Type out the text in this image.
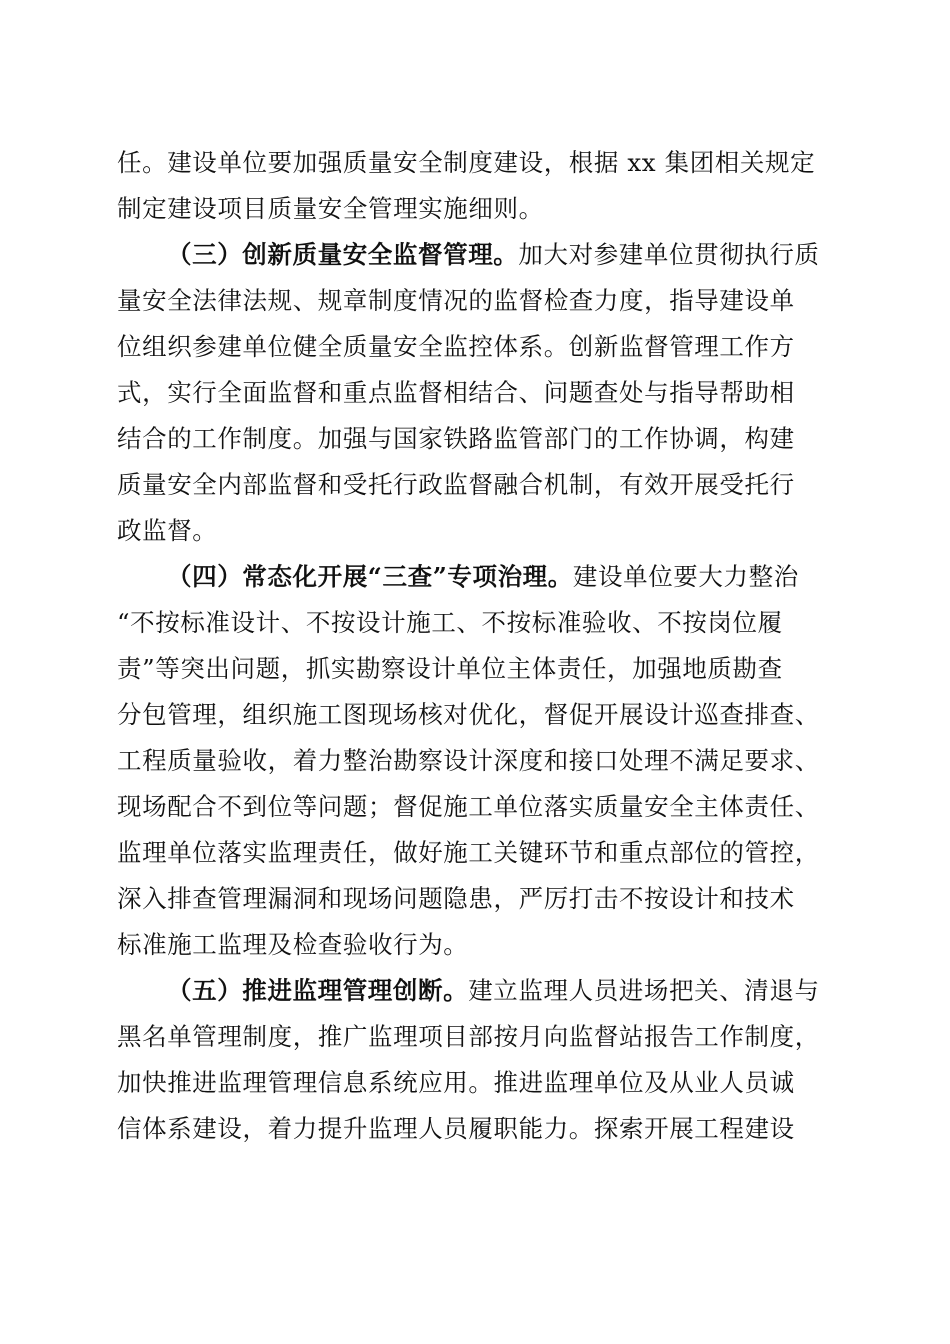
任。建设单位要加强质量安全制度建设，根据 xx 集团相关规定
制定建设项目质量安全管理实施细则。
（三）创新质量安全监督管理。加大对参建单位贯彻执行质
量安全法律法规、规章制度情况的监督检查力度，指导建设单
位组织参建单位健全质量安全监控体系。创新监督管理工作方
式，实行全面监督和重点监督相结合、问题查处与指导帮助相
结合的工作制度。加强与国家铁路监管部门的工作协调，构建
质量安全内部监督和受托行政监督融合机制，有效开展受托行
政监督。
（四）常态化开展“三查”专项治理。建设单位要大力整治
“不按标准设计、不按设计施工、不按标准验收、不按岗位履
责”等突出问题，抓实勘察设计单位主体责任，加强地质勘查
分包管理，组织施工图现场核对优化，督促开展设计巡查排查、
工程质量验收，着力整治勘察设计深度和接口处理不满足要求、
现场配合不到位等问题；督促施工单位落实质量安全主体责任、
监理单位落实监理责任，做好施工关键环节和重点部位的管控，
深入排查管理漏洞和现场问题隐患，严厉打击不按设计和技术
标准施工监理及检查验收行为。
（五）推进监理管理创断。建立监理人员进场把关、清退与
黑名单管理制度，推广监理项目部按月向监督站报告工作制度，
加快推进监理管理信息系统应用。推进监理单位及从业人员诚
信体系建设，着力提升监理人员履职能力。探索开展工程建设
